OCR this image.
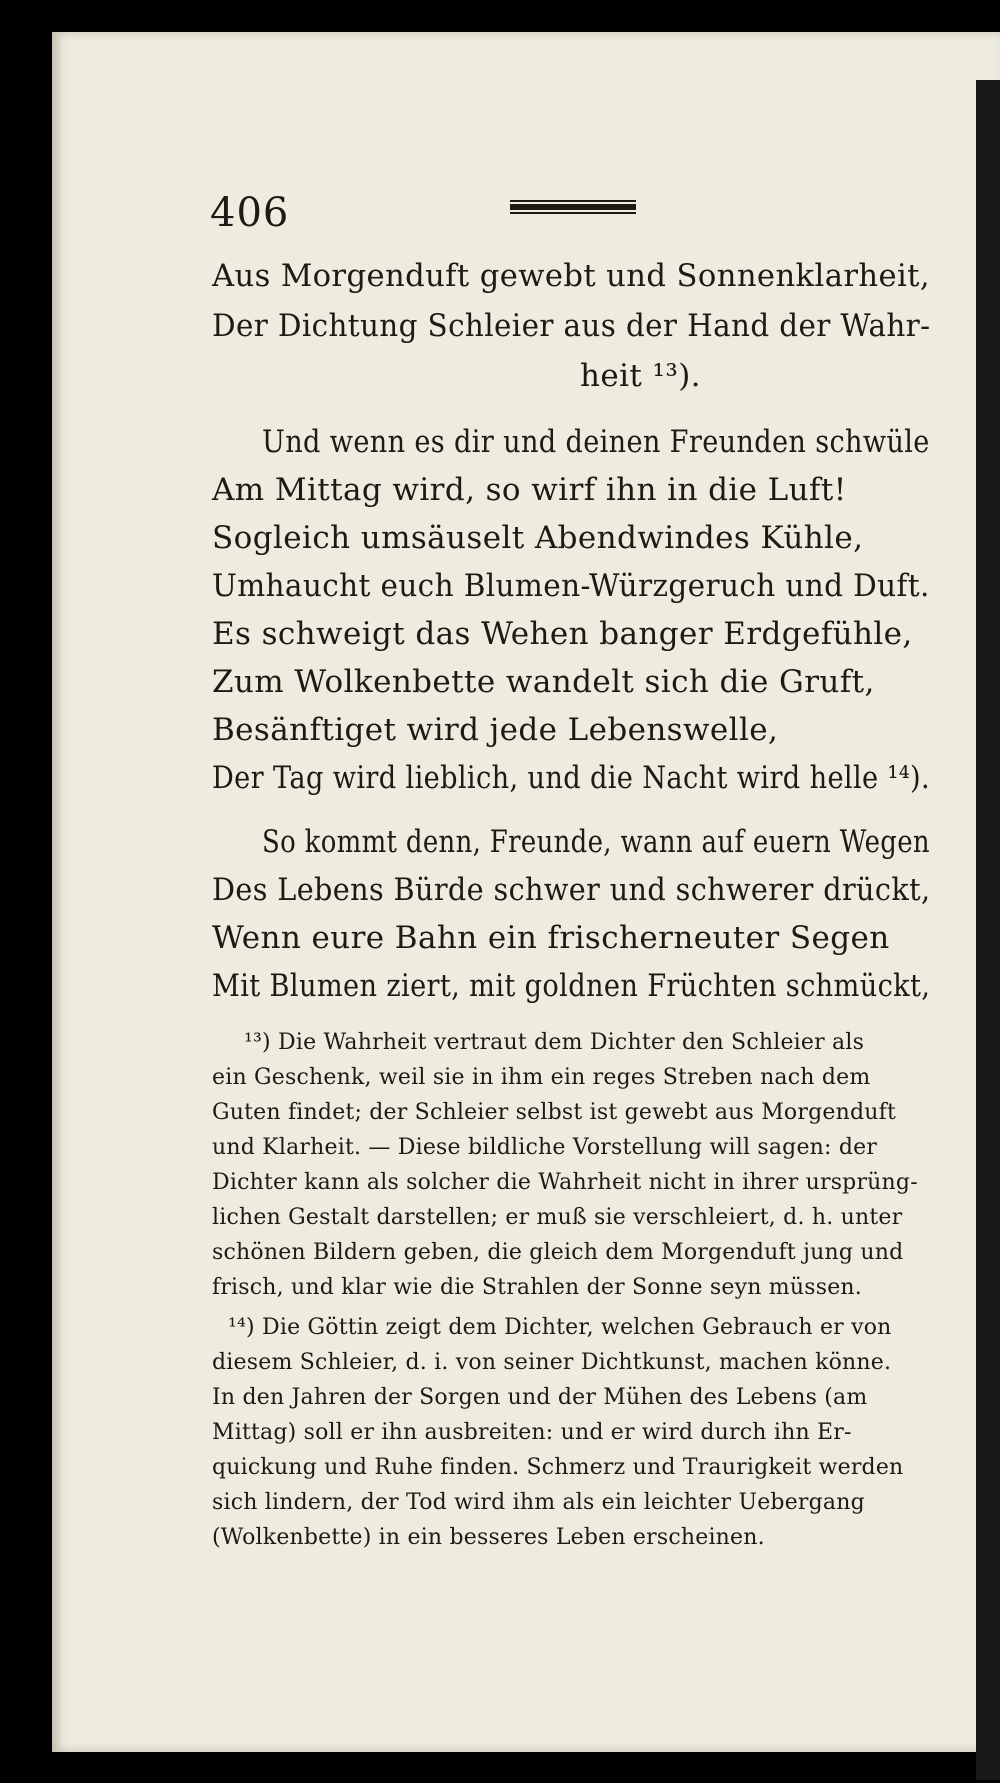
406
Aus Morgenduft gewebt und Sonnenklarheit,
Der Dichtung Schleier aus der Hand der Wahr-
heit ¹³).
Und wenn es dir und deinen Freunden schwüle
Am Mittag wird, so wirf ihn in die Luft!
Sogleich umsäuselt Abendwindes Kühle,
Umhaucht euch Blumen-Würzgeruch und Duft.
Es schweigt das Wehen banger Erdgefühle,
Zum Wolkenbette wandelt sich die Gruft,
Besänftiget wird jede Lebenswelle,
Der Tag wird lieblich, und die Nacht wird helle ¹⁴).
So kommt denn, Freunde, wann auf euern Wegen
Des Lebens Bürde schwer und schwerer drückt,
Wenn eure Bahn ein frischerneuter Segen
Mit Blumen ziert, mit goldnen Früchten schmückt,
¹³) Die Wahrheit vertraut dem Dichter den Schleier als
ein Geschenk, weil sie in ihm ein reges Streben nach dem
Guten findet; der Schleier selbst ist gewebt aus Morgenduft
und Klarheit. — Diese bildliche Vorstellung will sagen: der
Dichter kann als solcher die Wahrheit nicht in ihrer ursprüng-
lichen Gestalt darstellen; er muß sie verschleiert, d. h. unter
schönen Bildern geben, die gleich dem Morgenduft jung und
frisch, und klar wie die Strahlen der Sonne seyn müssen.
¹⁴) Die Göttin zeigt dem Dichter, welchen Gebrauch er von
diesem Schleier, d. i. von seiner Dichtkunst, machen könne.
In den Jahren der Sorgen und der Mühen des Lebens (am
Mittag) soll er ihn ausbreiten: und er wird durch ihn Er-
quickung und Ruhe finden. Schmerz und Traurigkeit werden
sich lindern, der Tod wird ihm als ein leichter Uebergang
(Wolkenbette) in ein besseres Leben erscheinen.
